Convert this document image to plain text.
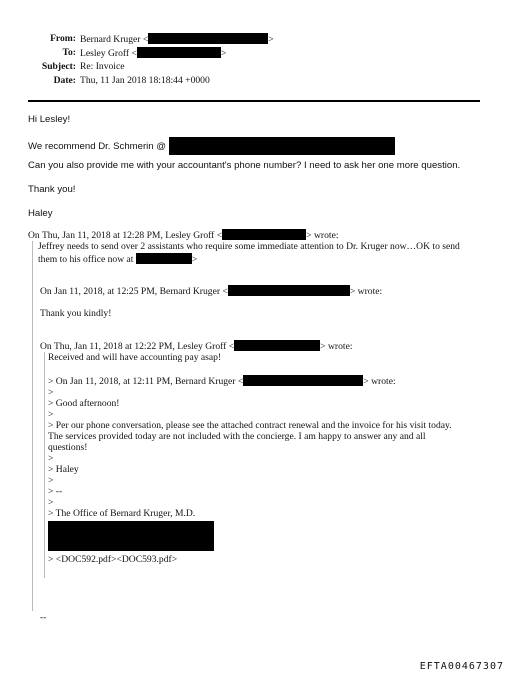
From: Bernard Kruger <	>
To: Lesley Groff <	>
Subject: Re: Invoice
Date: Thu, 11 Jan 2018 18:18:44 +0000
Hi Lesley!
We recommend Dr. Schmerin @
Can you also provide me with your accountant's phone number? I need to ask her one more question.
Thank you!
Haley
On Thu, Jan 11, 2018 at 12:28 PM, Lesley Groff <	> wrote:
Jeffrey needs to send over 2 assistants who require some immediate attention to Dr. Kruger now…OK to send
them to his office now at	>
On Jan 11, 2018, at 12:25 PM, Bernard Kruger <	> wrote:
Thank you kindly!
On Thu, Jan 11, 2018 at 12:22 PM, Lesley Groff <	> wrote:
Received and will have accounting pay asap!
> On Jan 11, 2018, at 12:11 PM, Bernard Kruger <	> wrote:
>
> Good afternoon!
>
> Per our phone conversation, please see the attached contract renewal and the invoice for his visit today.
The services provided today are not included with the concierge. I am happy to answer any and all
questions!
>
> Haley
>
> --
>
> The Office of Bernard Kruger, M.D.
> <DOC592.pdf><DOC593.pdf>
--
EFTA00467307
